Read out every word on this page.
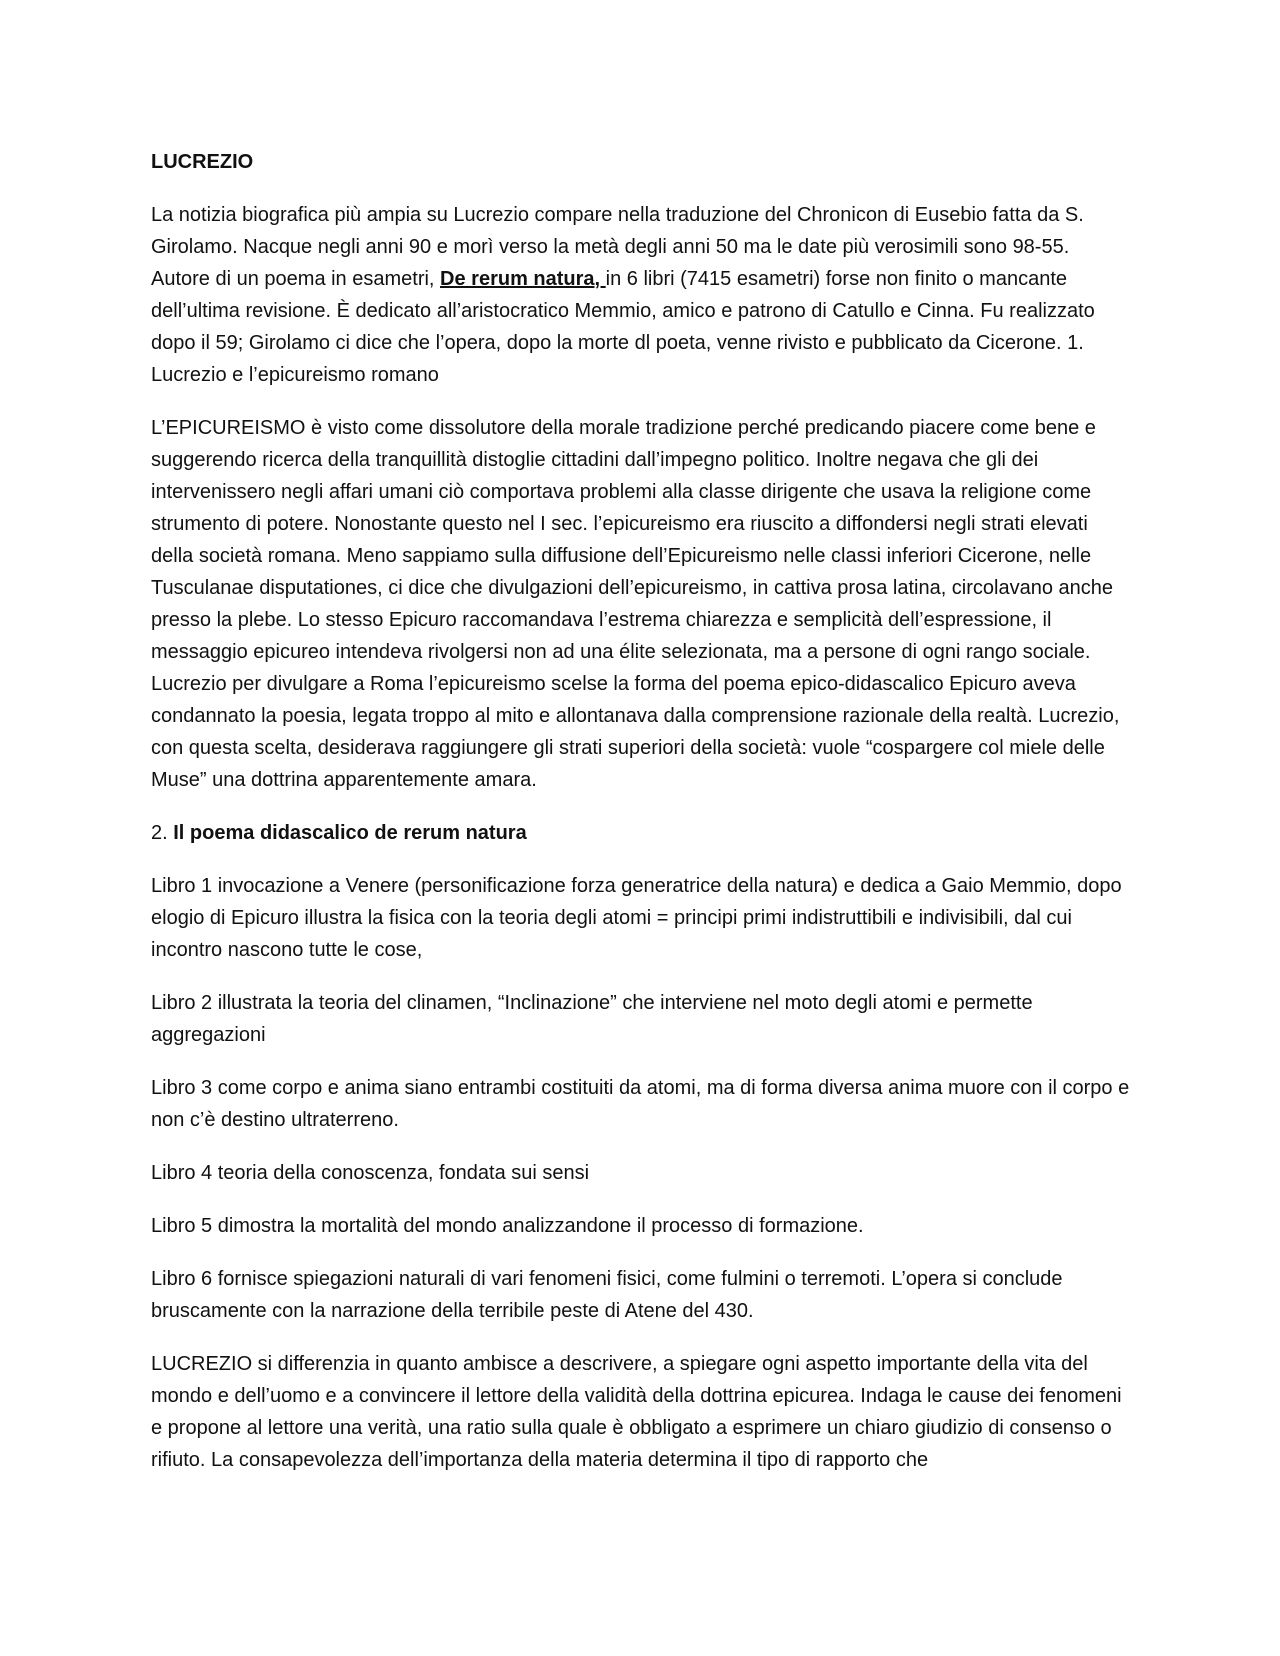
LUCREZIO

La notizia biografica più ampia su Lucrezio compare nella traduzione del Chronicon di Eusebio fatta da S. Girolamo. Nacque negli anni 90 e morì verso la metà degli anni 50 ma le date più verosimili sono 98-55. Autore di un poema in esametri, De rerum natura, in 6 libri (7415 esametri) forse non finito o mancante dell’ultima revisione. È dedicato all’aristocratico Memmio, amico e patrono di Catullo e Cinna. Fu realizzato dopo il 59; Girolamo ci dice che l’opera, dopo la morte dl poeta, venne rivisto e pubblicato da Cicerone. 1. Lucrezio e l’epicureismo romano

L’EPICUREISMO è visto come dissolutore della morale tradizione perché predicando piacere come bene e suggerendo ricerca della tranquillità distoglie cittadini dall’impegno politico. Inoltre negava che gli dei intervenissero negli affari umani ciò comportava problemi alla classe dirigente che usava la religione come strumento di potere. Nonostante questo nel I sec. l’epicureismo era riuscito a diffondersi negli strati elevati della società romana. Meno sappiamo sulla diffusione dell’Epicureismo nelle classi inferiori Cicerone, nelle Tusculanae disputationes, ci dice che divulgazioni dell’epicureismo, in cattiva prosa latina, circolavano anche presso la plebe. Lo stesso Epicuro raccomandava l’estrema chiarezza e semplicità dell’espressione, il messaggio epicureo intendeva rivolgersi non ad una élite selezionata, ma a persone di ogni rango sociale. Lucrezio per divulgare a Roma l’epicureismo scelse la forma del poema epico-didascalico Epicuro aveva condannato la poesia, legata troppo al mito e allontanava dalla comprensione razionale della realtà. Lucrezio, con questa scelta, desiderava raggiungere gli strati superiori della società: vuole “cospargere col miele delle Muse” una dottrina apparentemente amara.

2. Il poema didascalico de rerum natura

Libro 1 invocazione a Venere (personificazione forza generatrice della natura) e dedica a Gaio Memmio, dopo elogio di Epicuro illustra la fisica con la teoria degli atomi = principi primi indistruttibili e indivisibili, dal cui incontro nascono tutte le cose,

Libro 2 illustrata la teoria del clinamen, “Inclinazione” che interviene nel moto degli atomi e permette aggregazioni

Libro 3 come corpo e anima siano entrambi costituiti da atomi, ma di forma diversa anima muore con il corpo e non c’è destino ultraterreno.

Libro 4 teoria della conoscenza, fondata sui sensi

Libro 5 dimostra la mortalità del mondo analizzandone il processo di formazione.

Libro 6 fornisce spiegazioni naturali di vari fenomeni fisici, come fulmini o terremoti. L’opera si conclude bruscamente con la narrazione della terribile peste di Atene del 430.

LUCREZIO si differenzia in quanto ambisce a descrivere, a spiegare ogni aspetto importante della vita del mondo e dell’uomo e a convincere il lettore della validità della dottrina epicurea. Indaga le cause dei fenomeni e propone al lettore una verità, una ratio sulla quale è obbligato a esprimere un chiaro giudizio di consenso o rifiuto. La consapevolezza dell’importanza della materia determina il tipo di rapporto che
